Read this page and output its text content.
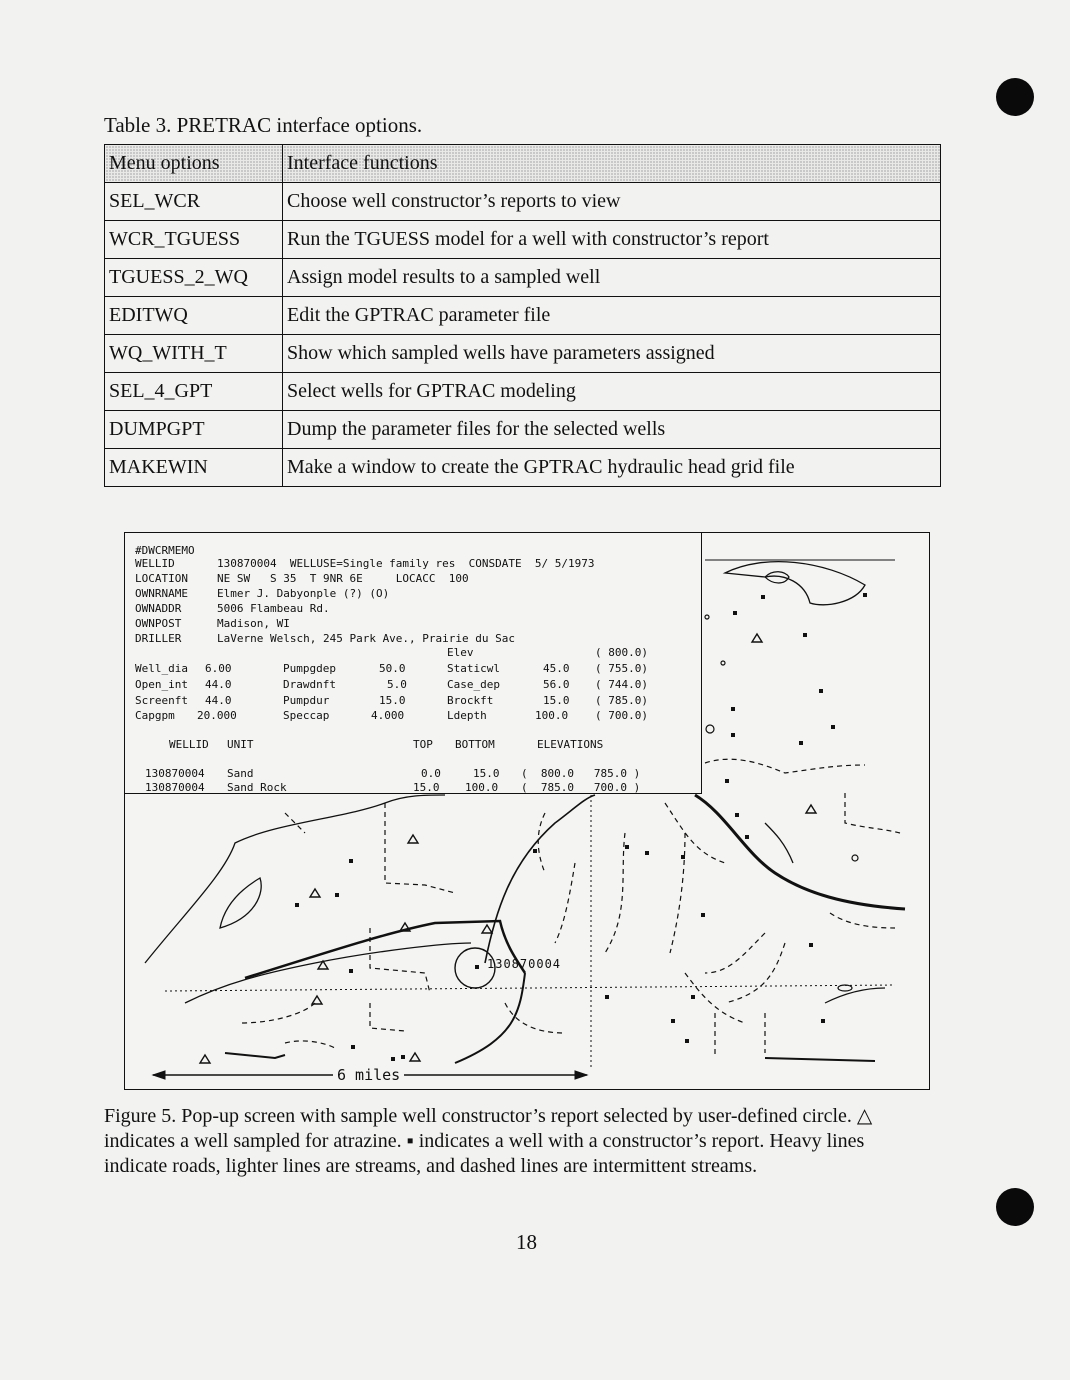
Table 3. PRETRAC interface options.
Menu options	Interface functions
SEL_WCR	Choose well constructor’s reports to view
WCR_TGUESS	Run the TGUESS model for a well with constructor’s report
TGUESS_2_WQ	Assign model results to a sampled well
EDITWQ	Edit the GPTRAC parameter file
WQ_WITH_T	Show which sampled wells have parameters assigned
SEL_4_GPT	Select wells for GPTRAC modeling
DUMPGPT	Dump the parameter files for the selected wells
MAKEWIN	Make a window to create the GPTRAC hydraulic head grid file
#DWCRMEMO
WELLID	130870004  WELLUSE=Single family res  CONSDATE  5/ 5/1973
LOCATION	NE SW   S 35  T 9NR 6E     LOCACC  100
OWNRNAME	Elmer J. Dabyonple (?) (O)
OWNADDR	5006 Flambeau Rd.
OWNPOST	Madison, WI
DRILLER	LaVerne Welsch, 245 Park Ave., Prairie du Sac
Elev	( 800.0)
Well_dia 6.00	Pumpgdep	50.0	Staticwl	45.0 ( 755.0)
Open_int 44.0	Drawdnft	5.0	Case_dep	56.0 ( 744.0)
Screenft 44.0	Pumpdur	15.0	Brockft	15.0 ( 785.0)
Capgpm 20.000	Speccap	4.000	Ldepth	100.0 ( 700.0)
WELLID UNIT	TOP BOTTOM	ELEVATIONS
130870004 Sand	0.0	15.0 (  800.0   785.0 )
130870004 Sand Rock	15.0 100.0 (  785.0   700.0 )
130870004
6 miles
Figure 5. Pop-up screen with sample well constructor’s report selected by user-defined circle. △ indicates a well sampled for atrazine. ▪ indicates a well with a constructor’s report. Heavy lines indicate roads, lighter lines are streams, and dashed lines are intermittent streams.
18
